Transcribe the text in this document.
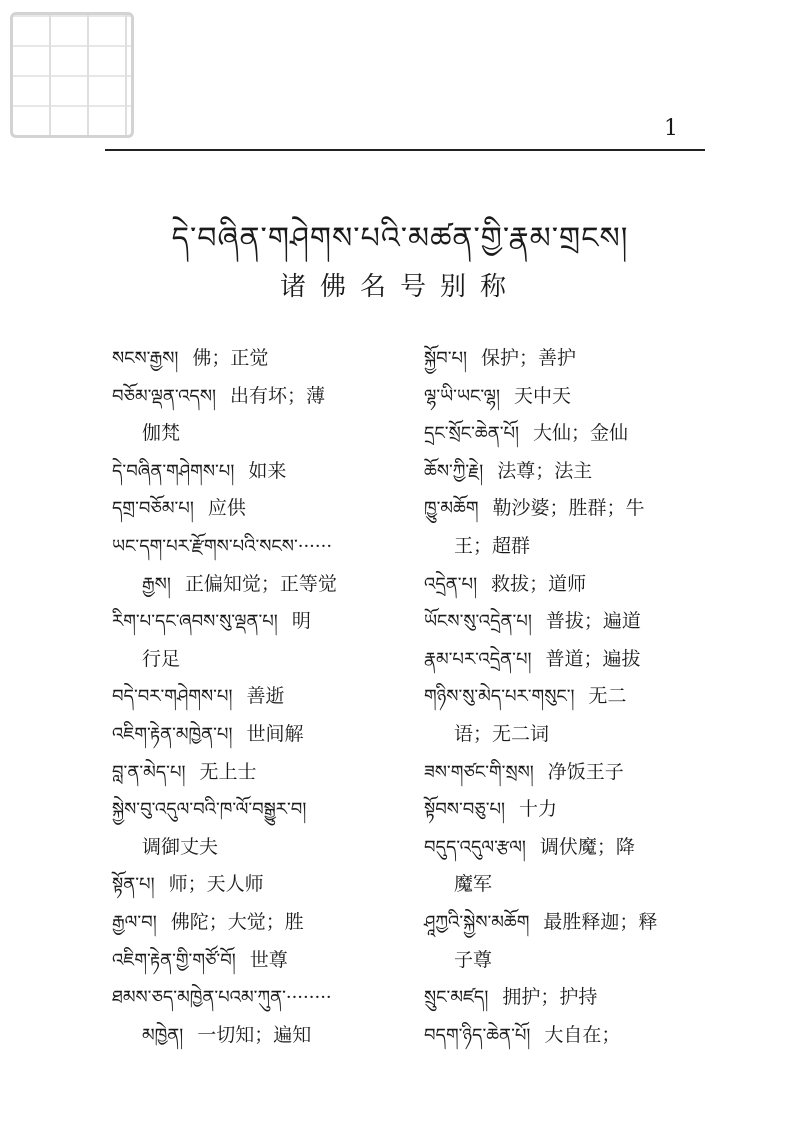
1
དེ་བཞིན་གཤེགས་པའི་མཚན་གྱི་རྣམ་གྲངས།
诸佛名号别称
སངས་རྒྱས། 佛；正觉
བཅོམ་ལྡན་འདས། 出有坏；薄
伽梵
དེ་བཞིན་གཤེགས་པ། 如来
དགྲ་བཅོམ་པ། 应供
ཡང་དག་པར་རྫོགས་པའི་སངས་······
རྒྱས། 正偏知觉；正等觉
རིག་པ་དང་ཞབས་སུ་ལྡན་པ། 明
行足
བདེ་བར་གཤེགས་པ། 善逝
འཇིག་རྟེན་མཁྱེན་པ། 世间解
བླ་ན་མེད་པ། 无上士
སྐྱེས་བུ་འདུལ་བའི་ཁ་ལོ་བསྒྱུར་བ།
调御丈夫
སྟོན་པ། 师；天人师
རྒྱལ་བ། 佛陀；大觉；胜
འཇིག་རྟེན་གྱི་གཙོ་བོ། 世尊
ཐམས་ཅད་མཁྱེན་པའམ་ཀུན་········
མཁྱེན། 一切知；遍知
སྐྱོབ་པ། 保护；善护
ལྷ་ཡི་ཡང་ལྷ། 天中天
དྲང་སྲོང་ཆེན་པོ། 大仙；金仙
ཆོས་ཀྱི་རྗེ། 法尊；法主
ཁྱུ་མཆོག 勒沙婆；胜群；牛
王；超群
འདྲེན་པ། 救拔；道师
ཡོངས་སུ་འདྲེན་པ། 普拔；遍道
རྣམ་པར་འདྲེན་པ། 普道；遍拔
གཉིས་སུ་མེད་པར་གསུང་། 无二
语；无二词
ཟས་གཙང་གི་སྲས། 净饭王子
སྟོབས་བཅུ་པ། 十力
བདུད་འདུལ་རྩལ། 调伏魔；降
魔军
ཤཱཀྱའི་སྐྱེས་མཆོག 最胜释迦；释
子尊
སྲུང་མཛད། 拥护；护持
བདག་ཉིད་ཆེན་པོ། 大自在；
